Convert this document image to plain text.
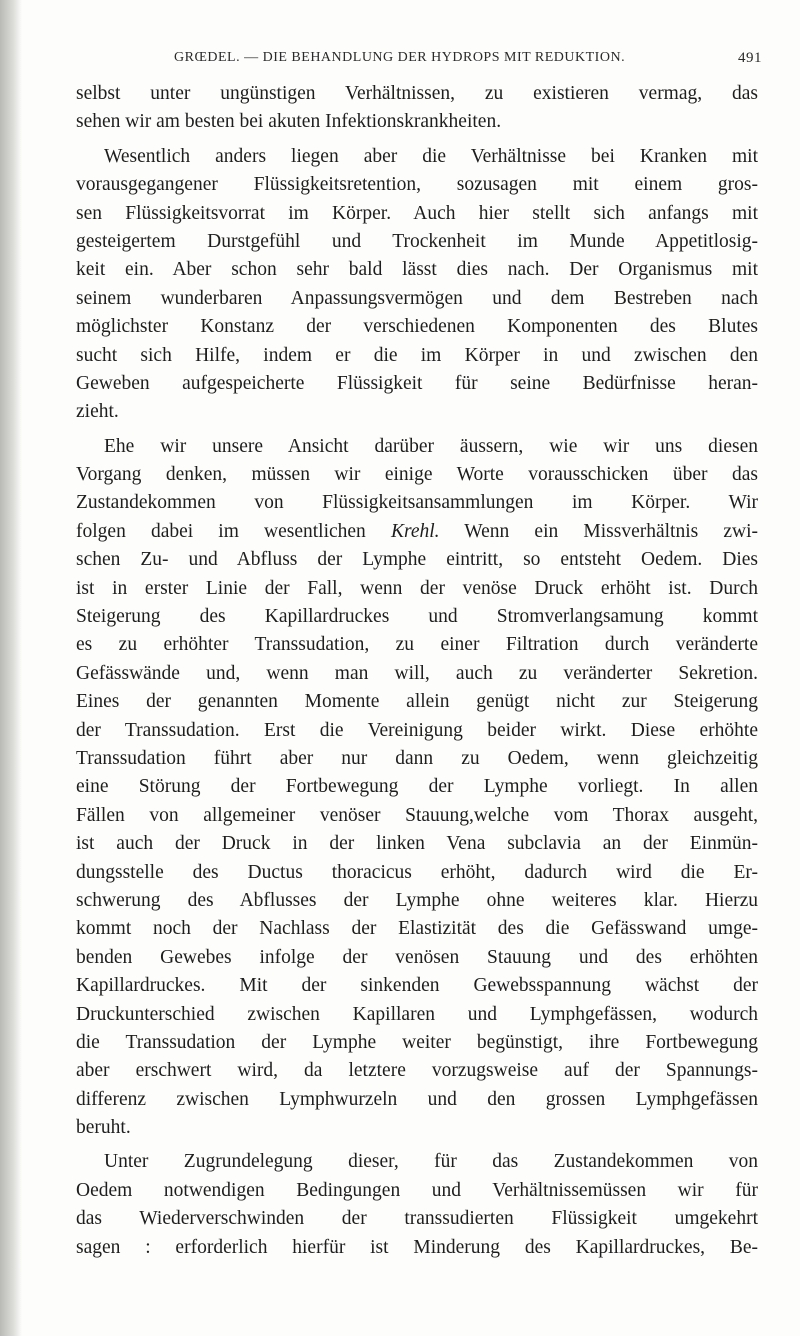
GRŒDEL. — DIE BEHANDLUNG DER HYDROPS MIT REDUKTION.	491
selbst unter ungünstigen Verhältnissen, zu existieren vermag, das
sehen wir am besten bei akuten Infektionskrankheiten.
Wesentlich anders liegen aber die Verhältnisse bei Kranken mit
vorausgegangener Flüssigkeitsretention, sozusagen mit einem gros-
sen Flüssigkeitsvorrat im Körper. Auch hier stellt sich anfangs mit
gesteigertem Durstgefühl und Trockenheit im Munde Appetitlosig-
keit ein. Aber schon sehr bald lässt dies nach. Der Organismus mit
seinem wunderbaren Anpassungsvermögen und dem Bestreben nach
möglichster Konstanz der verschiedenen Komponenten des Blutes
sucht sich Hilfe, indem er die im Körper in und zwischen den
Geweben aufgespeicherte Flüssigkeit für seine Bedürfnisse heran-
zieht.
Ehe wir unsere Ansicht darüber äussern, wie wir uns diesen
Vorgang denken, müssen wir einige Worte vorausschicken über das
Zustandekommen von Flüssigkeitsansammlungen im Körper. Wir
folgen dabei im wesentlichen Krehl. Wenn ein Missverhältnis zwi-
schen Zu- und Abfluss der Lymphe eintritt, so entsteht Oedem. Dies
ist in erster Linie der Fall, wenn der venöse Druck erhöht ist. Durch
Steigerung des Kapillardruckes und Stromverlangsamung kommt
es zu erhöhter Transsudation, zu einer Filtration durch veränderte
Gefässwände und, wenn man will, auch zu veränderter Sekretion.
Eines der genannten Momente allein genügt nicht zur Steigerung
der Transsudation. Erst die Vereinigung beider wirkt. Diese erhöhte
Transsudation führt aber nur dann zu Oedem, wenn gleichzeitig
eine Störung der Fortbewegung der Lymphe vorliegt. In allen
Fällen von allgemeiner venöser Stauung,welche vom Thorax ausgeht,
ist auch der Druck in der linken Vena subclavia an der Einmün-
dungsstelle des Ductus thoracicus erhöht, dadurch wird die Er-
schwerung des Abflusses der Lymphe ohne weiteres klar. Hierzu
kommt noch der Nachlass der Elastizität des die Gefässwand umge-
benden Gewebes infolge der venösen Stauung und des erhöhten
Kapillardruckes. Mit der sinkenden Gewebsspannung wächst der
Druckunterschied zwischen Kapillaren und Lymphgefässen, wodurch
die Transsudation der Lymphe weiter begünstigt, ihre Fortbewegung
aber erschwert wird, da letztere vorzugsweise auf der Spannungs-
differenz zwischen Lymphwurzeln und den grossen Lymphgefässen
beruht.
Unter Zugrundelegung dieser, für das Zustandekommen von
Oedem notwendigen Bedingungen und Verhältnissemüssen wir für
das Wiederverschwinden der transsudierten Flüssigkeit umgekehrt
sagen : erforderlich hierfür ist Minderung des Kapillardruckes, Be-
